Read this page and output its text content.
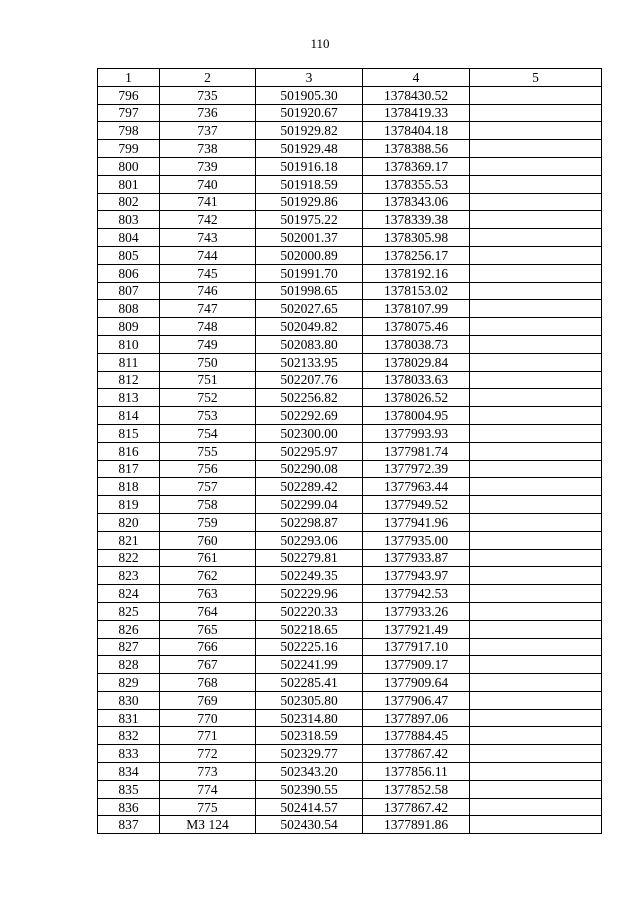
110
1	2	3	4	5
796	735	501905.30	1378430.52	
797	736	501920.67	1378419.33	
798	737	501929.82	1378404.18	
799	738	501929.48	1378388.56	
800	739	501916.18	1378369.17	
801	740	501918.59	1378355.53	
802	741	501929.86	1378343.06	
803	742	501975.22	1378339.38	
804	743	502001.37	1378305.98	
805	744	502000.89	1378256.17	
806	745	501991.70	1378192.16	
807	746	501998.65	1378153.02	
808	747	502027.65	1378107.99	
809	748	502049.82	1378075.46	
810	749	502083.80	1378038.73	
811	750	502133.95	1378029.84	
812	751	502207.76	1378033.63	
813	752	502256.82	1378026.52	
814	753	502292.69	1378004.95	
815	754	502300.00	1377993.93	
816	755	502295.97	1377981.74	
817	756	502290.08	1377972.39	
818	757	502289.42	1377963.44	
819	758	502299.04	1377949.52	
820	759	502298.87	1377941.96	
821	760	502293.06	1377935.00	
822	761	502279.81	1377933.87	
823	762	502249.35	1377943.97	
824	763	502229.96	1377942.53	
825	764	502220.33	1377933.26	
826	765	502218.65	1377921.49	
827	766	502225.16	1377917.10	
828	767	502241.99	1377909.17	
829	768	502285.41	1377909.64	
830	769	502305.80	1377906.47	
831	770	502314.80	1377897.06	
832	771	502318.59	1377884.45	
833	772	502329.77	1377867.42	
834	773	502343.20	1377856.11	
835	774	502390.55	1377852.58	
836	775	502414.57	1377867.42	
837	МЗ 124	502430.54	1377891.86	
